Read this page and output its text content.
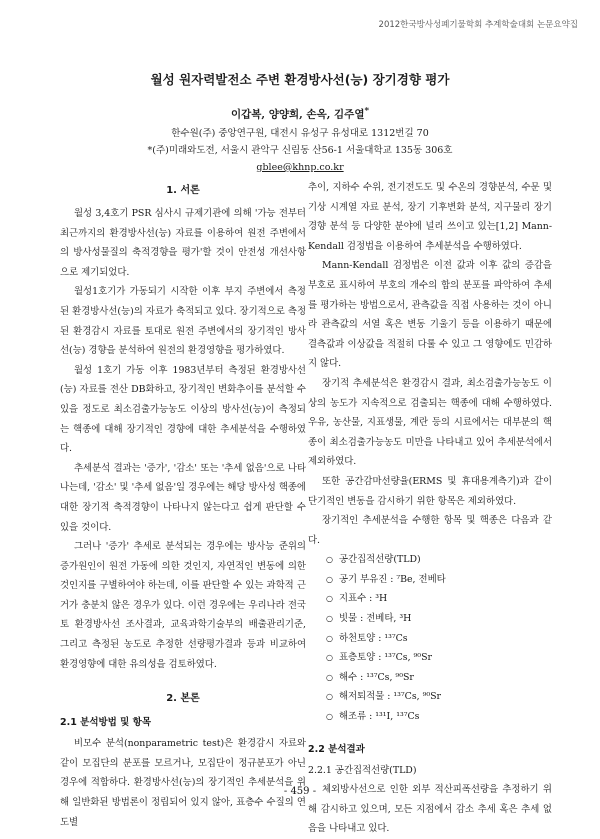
2012한국방사성폐기물학회 추계학술대회 논문요약집
월성 원자력발전소 주변 환경방사선(능) 장기경향 평가
이갑복, 양양희, 손옥, 김주열*
한수원(주) 중앙연구원, 대전시 유성구 유성대로 1312번길 70
*(주)미래와도전, 서울시 관악구 신림동 산56-1 서울대학교 135동 306호
gblee@khnp.co.kr
1. 서론

월성 3,4호기 PSR 심사시 규제기관에 의해 '가능 전부터 최근까지의 환경방사선(능) 자료를 이용하여 원전 주변에서의 방사성물질의 축적경향을 평가'할 것이 안전성 개선사항으로 제기되었다.

월성1호기가 가동되기 시작한 이후 부지 주변에서 측정된 환경방사선(능)의 자료가 축적되고 있다. 장기적으로 측정된 환경감시 자료를 토대로 원전 주변에서의 장기적인 방사선(능) 경향을 분석하여 원전의 환경영향을 평가하였다.

월성 1호기 가동 이후 1983년부터 측정된 환경방사선(능) 자료를 전산 DB화하고, 장기적인 변화추이를 분석할 수 있을 정도로 최소검출가능농도 이상의 방사선(능)이 측정되는 핵종에 대해 장기적인 경향에 대한 추세분석을 수행하였다.

추세분석 결과는 '증가', '감소' 또는 '추세 없음'으로 나타나는데, '감소' 및 '추세 없음'일 경우에는 해당 방사성 핵종에 대한 장기적 축적경향이 나타나지 않는다고 쉽게 판단할 수 있을 것이다.

그러나 '증가' 추세로 분석되는 경우에는 방사능 준위의 증가원인이 원전 가동에 의한 것인지, 자연적인 변동에 의한 것인지를 구별하여야 하는데, 이를 판단할 수 있는 과학적 근거가 충분치 않은 경우가 있다. 이런 경우에는 우리나라 전국토 환경방사선 조사결과, 교육과학기술부의 배출관리기준, 그리고 측정된 농도로 추정한 선량평가결과 등과 비교하여 환경영향에 대한 유의성을 검토하였다.

2. 본론
2.1 분석방법 및 항목

비모수 분석(nonparametric test)은 환경감시 자료와 같이 모집단의 분포를 모르거나, 모집단이 정규분포가 아닌 경우에 적합하다. 환경방사선(능)의 장기적인 추세분석을 위해 일반화된 방법론이 정립되어 있지 않아, 표층수 수질의 연도별

추이, 지하수 수위, 전기전도도 및 수온의 경향분석, 수문 및 기상 시계열 자료 분석, 장기 기후변화 분석, 지구물리 장기경향 분석 등 다양한 분야에 널리 쓰이고 있는[1,2] Mann-Kendall 검정법을 이용하여 추세분석을 수행하였다.

Mann-Kendall 검정법은 이전 값과 이후 값의 증감을 부호로 표시하여 부호의 개수의 합의 분포를 파악하여 추세를 평가하는 방법으로서, 관측값을 직접 사용하는 것이 아니라 관측값의 서열 혹은 변동 기울기 등을 이용하기 때문에 결측값과 이상값을 적절히 다룰 수 있고 그 영향에도 민감하지 않다.

장기적 추세분석은 환경감시 결과, 최소검출가능농도 이상의 농도가 지속적으로 검출되는 핵종에 대해 수행하였다. 우유, 농산물, 지표생물, 계란 등의 시료에서는 대부분의 핵종이 최소검출가능농도 미만을 나타내고 있어 추세분석에서 제외하였다.

또한 공간감마선량율(ERMS 및 휴대용계측기)과 같이 단기적인 변동을 감시하기 위한 항목은 제외하였다.

장기적인 추세분석을 수행한 항목 및 핵종은 다음과 같다.

○ 공간집적선량(TLD)
○ 공기 부유진 : ⁷Be, 전베타
○ 지표수 : ³H
○ 빗물 : 전베타, ³H
○ 하천토양 : ¹³⁷Cs
○ 표층토양 : ¹³⁷Cs, ⁹⁰Sr
○ 해수 : ¹³⁷Cs, ⁹⁰Sr
○ 해저퇴적물 : ¹³⁷Cs, ⁹⁰Sr
○ 해조류 : ¹³¹I, ¹³⁷Cs
2.2 분석결과
2.2.1 공간집적선량(TLD)

체외방사선으로 인한 외부 적산피폭선량을 추정하기 위해 감시하고 있으며, 모든 지점에서 감소 추세 혹은 추세 없음을 나타내고 있다.

- 459 -
